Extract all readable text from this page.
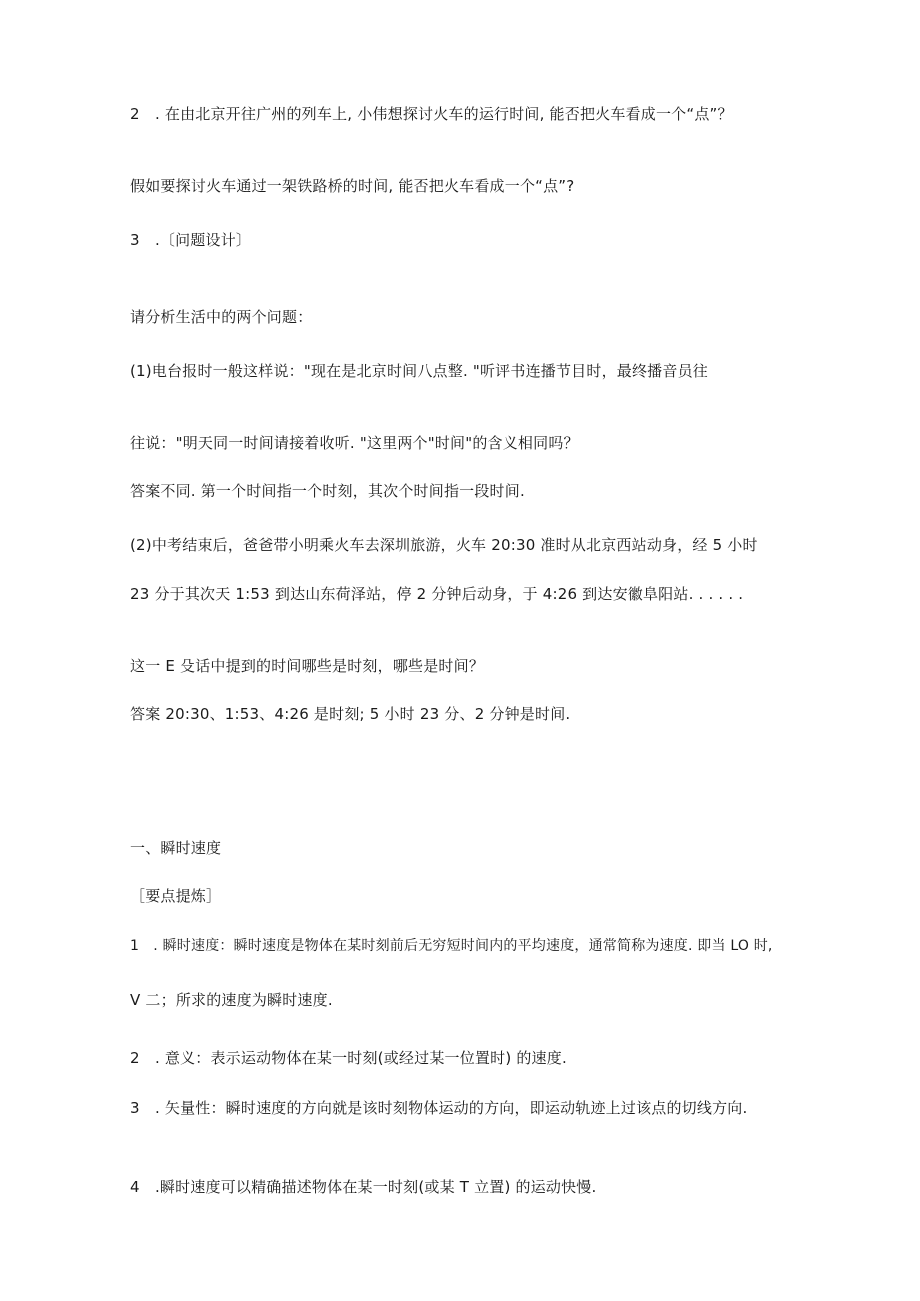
2　. 在由北京开往广州的列车上, 小伟想探讨火车的运行时间, 能否把火车看成一个“点”？
假如要探讨火车通过一架铁路桥的时间, 能否把火车看成一个“点”?
3　.〔问题设计〕
请分析生活中的两个问题：
(1)电台报时一般这样说："现在是北京时间八点整. "听评书连播节目时，最终播音员往
往说："明天同一时间请接着收听. "这里两个"时间"的含义相同吗？
答案不同. 第一个时间指一个时刻，其次个时间指一段时间.
(2)中考结束后，爸爸带小明乘火车去深圳旅游，火车 20:30 准时从北京西站动身，经 5 小时
23 分于其次天 1:53 到达山东荷泽站，停 2 分钟后动身，于 4:26 到达安徽阜阳站. . . . . .
这一 E 殳话中提到的时间哪些是时刻，哪些是时间？
答案 20:30、1:53、4:26 是时刻; 5 小时 23 分、2 分钟是时间.
一、瞬时速度
［要点提炼］
1　. 瞬时速度：瞬时速度是物体在某时刻前后无穷短时间内的平均速度，通常简称为速度. 即当 LO 时,
V 二；所求的速度为瞬时速度.
2　. 意义：表示运动物体在某一时刻(或经过某一位置时) 的速度.
3　. 矢量性：瞬时速度的方向就是该时刻物体运动的方向，即运动轨迹上过该点的切线方向.
4　.瞬时速度可以精确描述物体在某一时刻(或某 T 立置) 的运动快慢.
